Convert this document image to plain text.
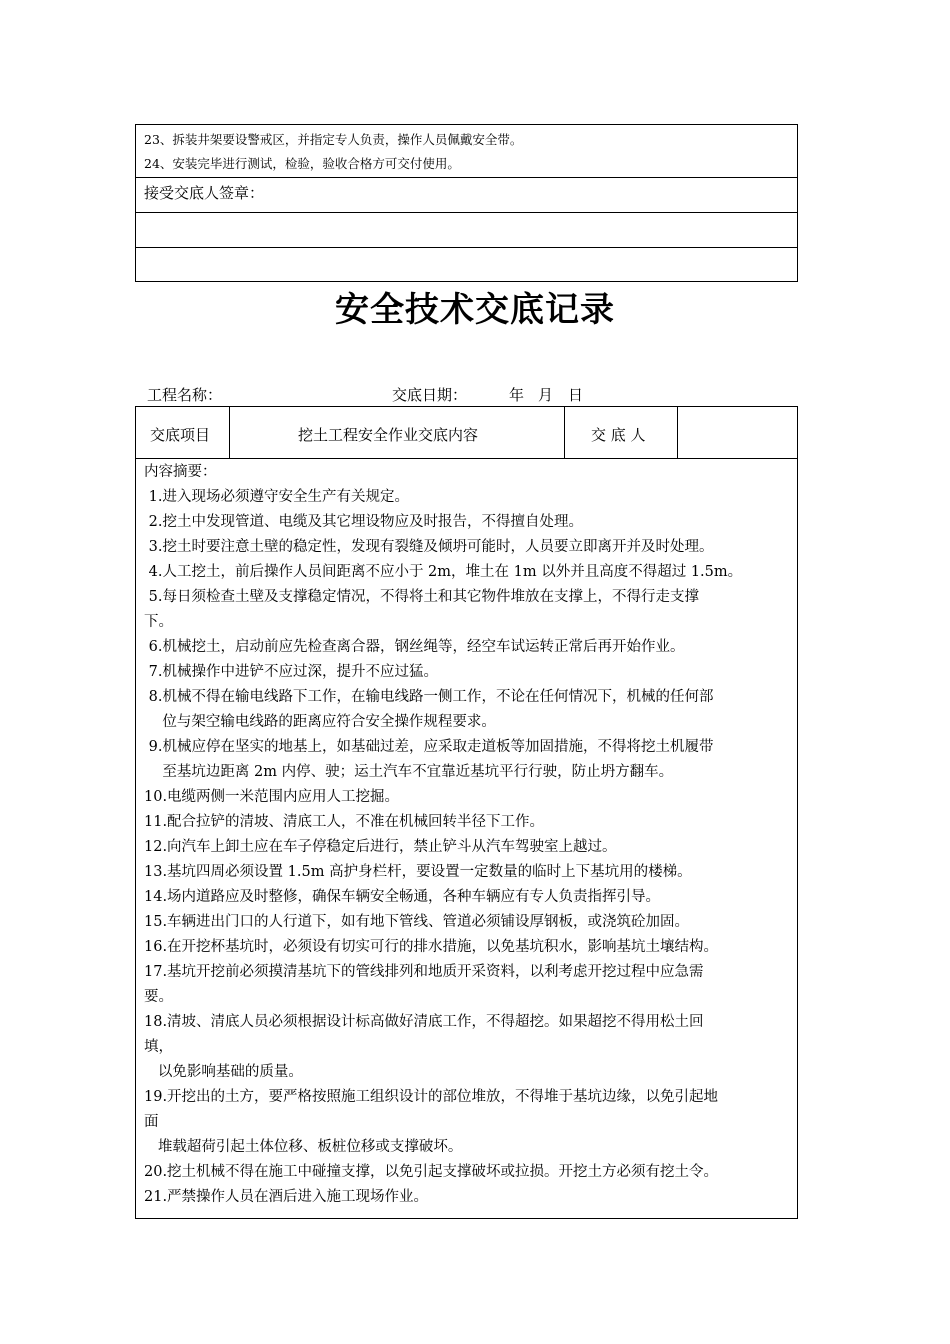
23、拆装井架要设警戒区，并指定专人负责，操作人员佩戴安全带。
24、安装完毕进行测试，检验，验收合格方可交付使用。
接受交底人签章：
安全技术交底记录
工程名称：	交底日期：	年 月 日
交底项目	挖土工程安全作业交底内容	交 底 人
内容摘要：
1.进入现场必须遵守安全生产有关规定。
2.挖土中发现管道、电缆及其它埋设物应及时报告，不得擅自处理。
3.挖土时要注意土壁的稳定性，发现有裂缝及倾坍可能时，人员要立即离开并及时处理。
4.人工挖土，前后操作人员间距离不应小于 2m，堆土在 1m 以外并且高度不得超过 1.5m。
5.每日须检查土壁及支撑稳定情况，不得将土和其它物件堆放在支撑上，不得行走支撑
下。
6.机械挖土，启动前应先检查离合器，钢丝绳等，经空车试运转正常后再开始作业。
7.机械操作中进铲不应过深，提升不应过猛。
8.机械不得在输电线路下工作，在输电线路一侧工作，不论在任何情况下，机械的任何部
位与架空输电线路的距离应符合安全操作规程要求。
9.机械应停在坚实的地基上，如基础过差，应采取走道板等加固措施，不得将挖土机履带
至基坑边距离 2m 内停、驶；运土汽车不宜靠近基坑平行行驶，防止坍方翻车。
10.电缆两侧一米范围内应用人工挖掘。
11.配合拉铲的清坡、清底工人，不准在机械回转半径下工作。
12.向汽车上卸土应在车子停稳定后进行，禁止铲斗从汽车驾驶室上越过。
13.基坑四周必须设置 1.5m 高护身栏杆，要设置一定数量的临时上下基坑用的楼梯。
14.场内道路应及时整修，确保车辆安全畅通，各种车辆应有专人负责指挥引导。
15.车辆进出门口的人行道下，如有地下管线、管道必须铺设厚钢板，或浇筑砼加固。
16.在开挖杯基坑时，必须设有切实可行的排水措施，以免基坑积水，影响基坑土壤结构。
17.基坑开挖前必须摸清基坑下的管线排列和地质开采资料，以利考虑开挖过程中应急需
要。
18.清坡、清底人员必须根据设计标高做好清底工作，不得超挖。如果超挖不得用松土回
填，
以免影响基础的质量。
19.开挖出的土方，要严格按照施工组织设计的部位堆放，不得堆于基坑边缘，以免引起地
面
堆载超荷引起土体位移、板桩位移或支撑破坏。
20.挖土机械不得在施工中碰撞支撑，以免引起支撑破坏或拉损。开挖土方必须有挖土令。
21.严禁操作人员在酒后进入施工现场作业。
